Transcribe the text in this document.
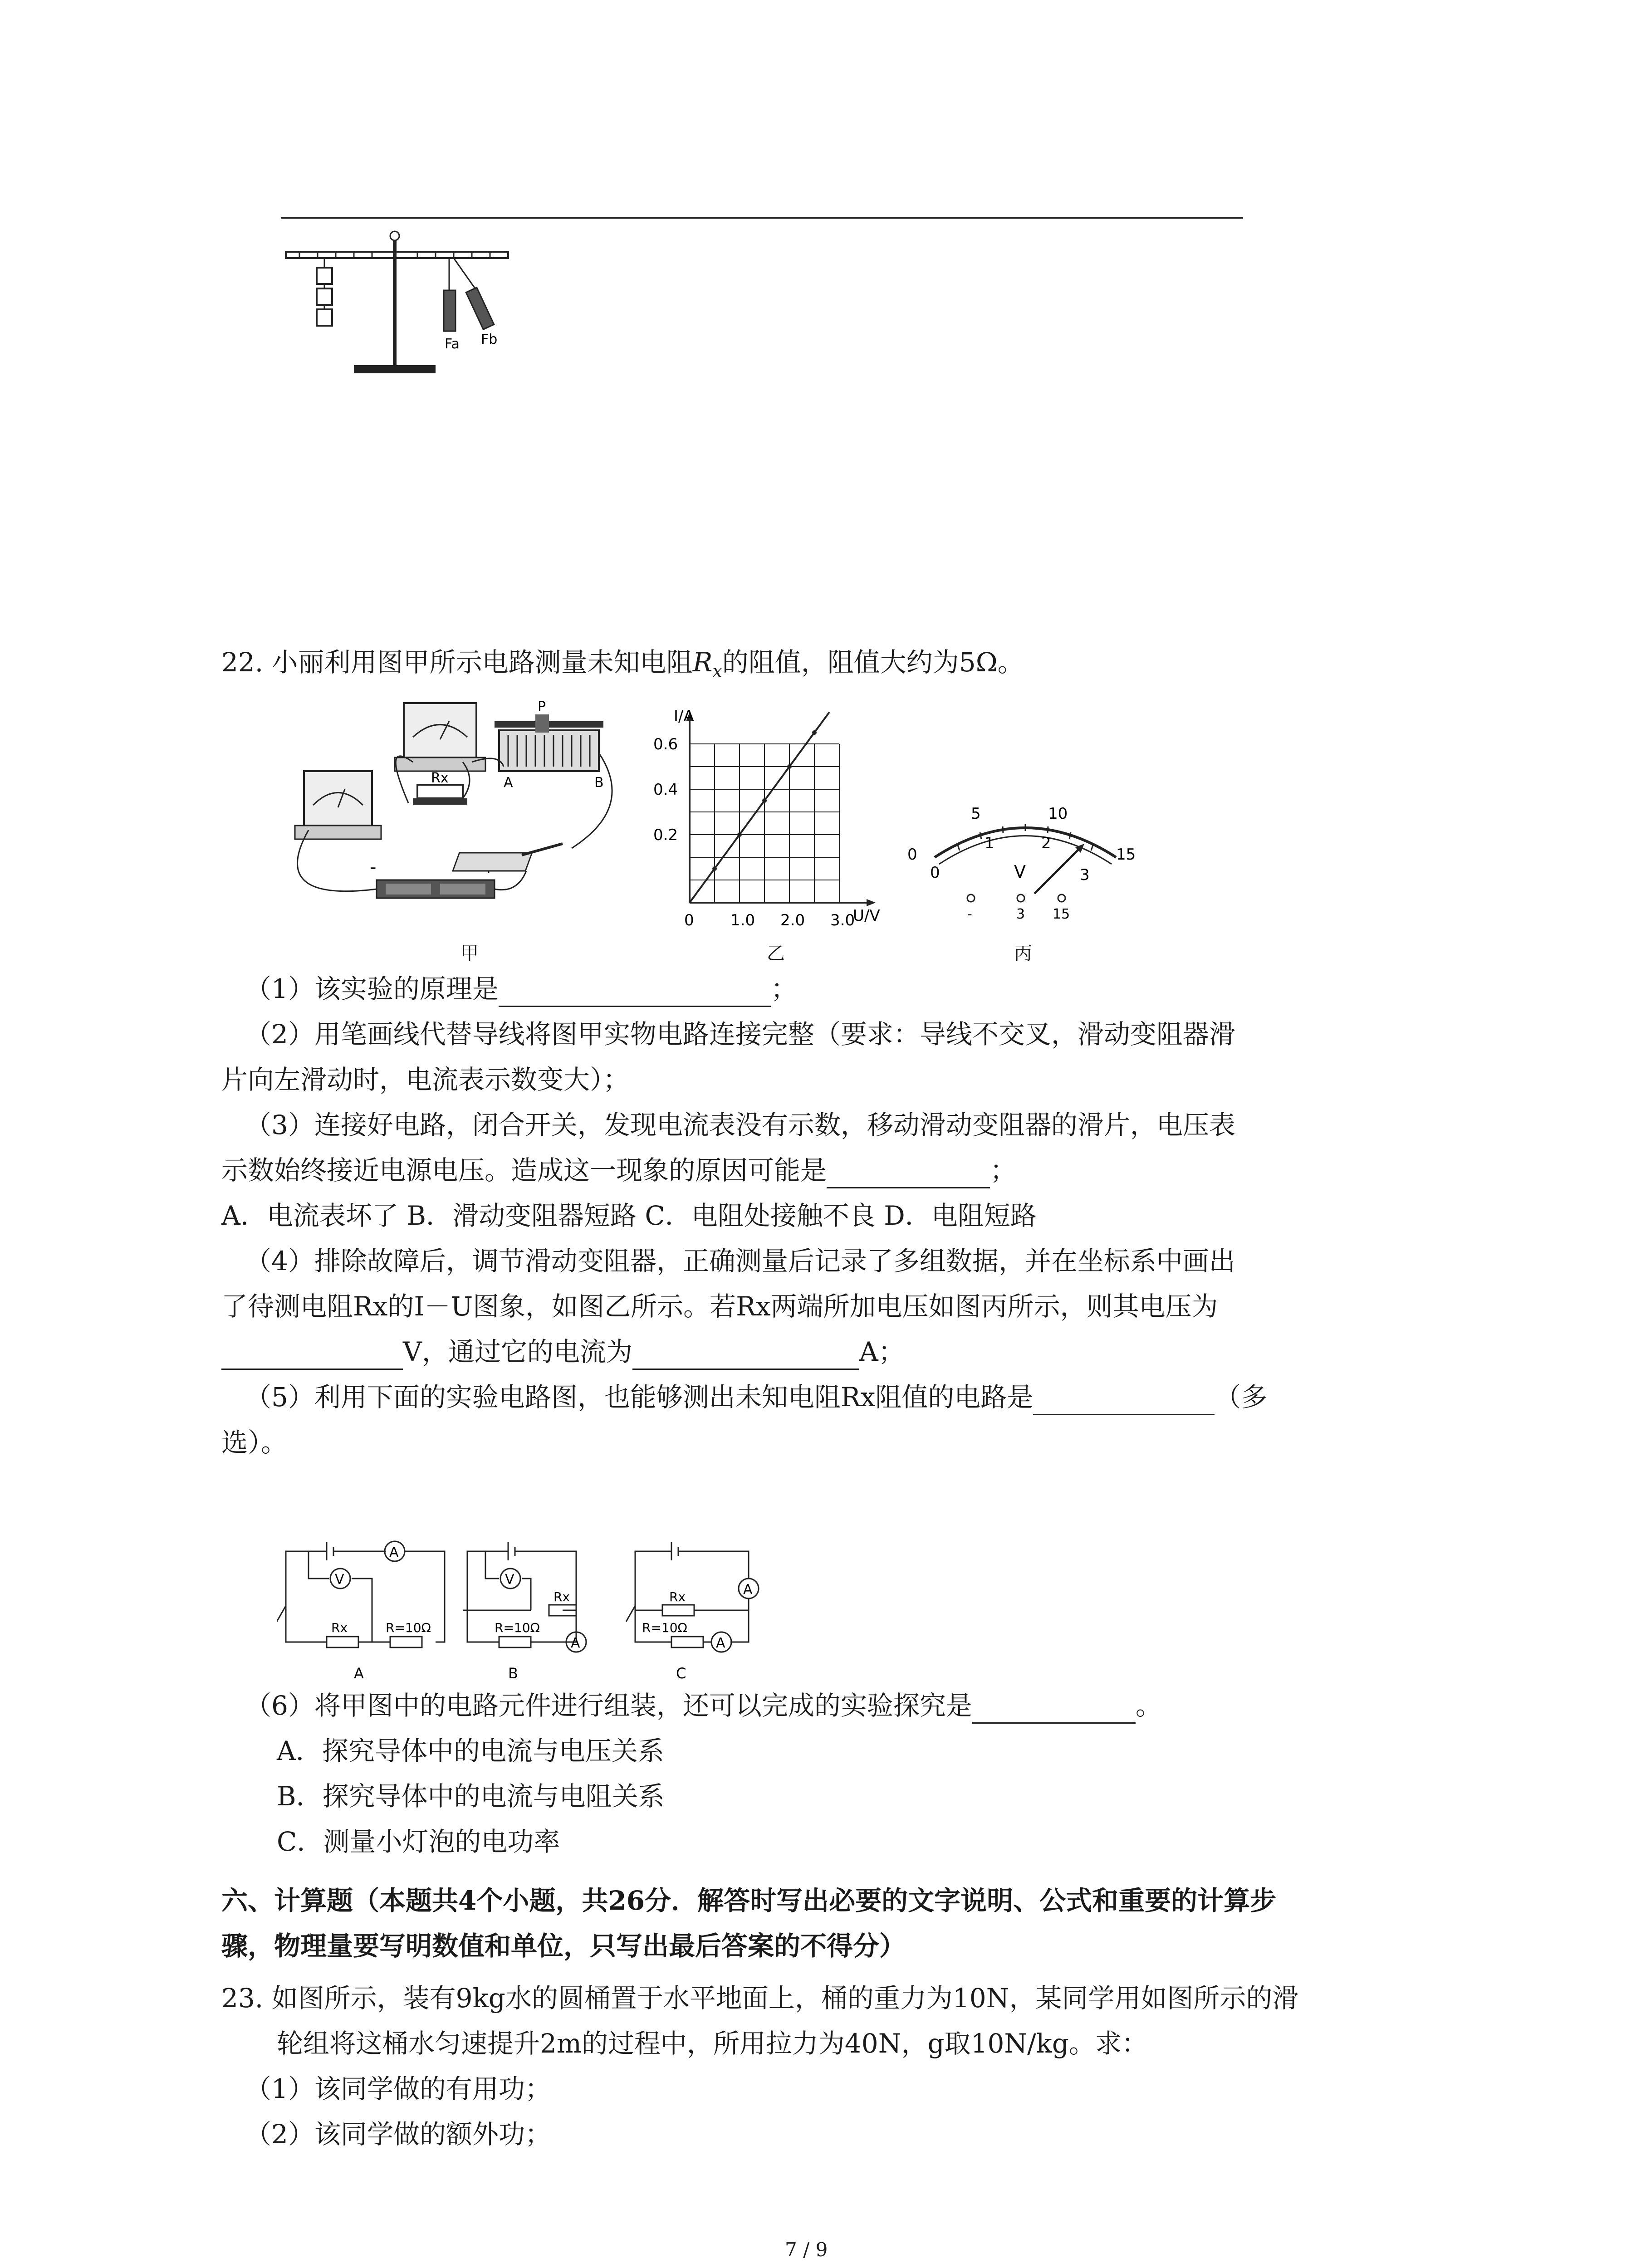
Fa Fb
22. 小丽利用图甲所示电路测量未知电阻$R_x$的阻值，阻值大约为5Ω。
Rx
P
A	B
-
I/A
U/V
0.6
0.4
0.2
0 1.0 2.0 3.0
0
5	10
15
0
1	2
3
V
-	3 15
甲	乙	丙
（1）该实验的原理是	；
（2）用笔画线代替导线将图甲实物电路连接完整（要求：导线不交叉，滑动变阻器滑
片向左滑动时，电流表示数变大）；
（3）连接好电路，闭合开关，发现电流表没有示数，移动滑动变阻器的滑片，电压表
示数始终接近电源电压。造成这一现象的原因可能是	；
A．电流表坏了 B．滑动变阻器短路 C．电阻处接触不良 D．电阻短路
（4）排除故障后，调节滑动变阻器，正确测量后记录了多组数据，并在坐标系中画出
了待测电阻Rx的I－U图象，如图乙所示。若Rx两端所加电压如图丙所示，则其电压为
V，通过它的电流为	A；
（5）利用下面的实验电路图，也能够测出未知电阻Rx阻值的电路是	（多
选）。
A
V
Rx	R=10Ω
A
V
A
Rx
R=10Ω
B
A
A
Rx
R=10Ω
C
（6）将甲图中的电路元件进行组装，还可以完成的实验探究是	。
A．探究导体中的电流与电压关系
B．探究导体中的电流与电阻关系
C．测量小灯泡的电功率
六、计算题（本题共4个小题，共26分．解答时写出必要的文字说明、公式和重要的计算步
骤，物理量要写明数值和单位，只写出最后答案的不得分）
23. 如图所示，装有9kg水的圆桶置于水平地面上，桶的重力为10N，某同学用如图所示的滑
轮组将这桶水匀速提升2m的过程中，所用拉力为40N，g取10N/kg。求：
（1）该同学做的有用功；
（2）该同学做的额外功；
7 / 9
